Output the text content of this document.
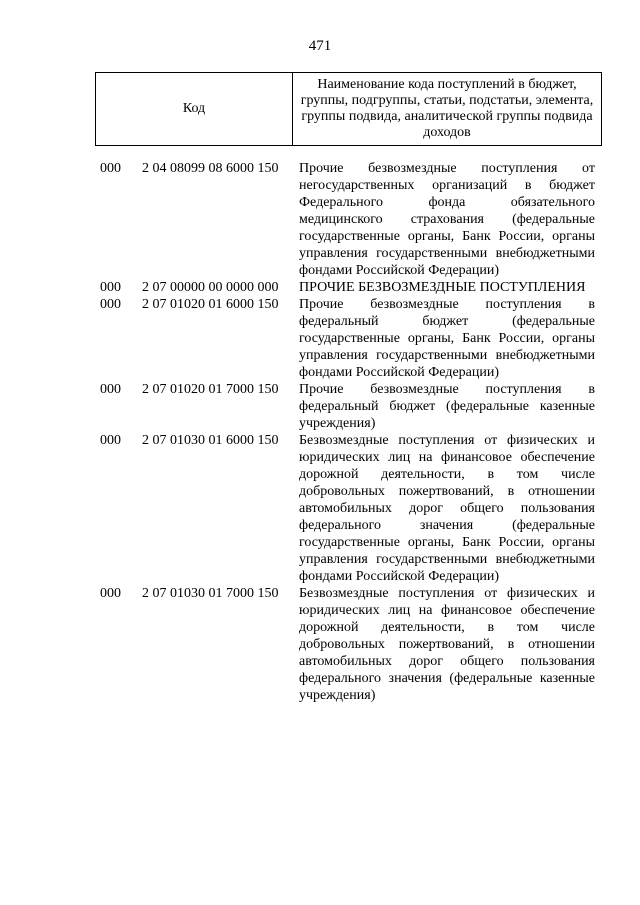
471
Код
Наименование кода поступлений в бюджет, группы, подгруппы, статьи, подстатьи, элемента, группы подвида, аналитической группы подвида доходов
000	2 04 08099 08 6000 150	Прочие безвозмездные поступления от негосударственных организаций в бюджет Федерального фонда обязательного медицинского страхования (федеральные государственные органы, Банк России, органы управления государственными внебюджетными фондами Российской Федерации)
000	2 07 00000 00 0000 000	ПРОЧИЕ БЕЗВОЗМЕЗДНЫЕ ПОСТУПЛЕНИЯ
000	2 07 01020 01 6000 150	Прочие безвозмездные поступления в федеральный бюджет (федеральные государственные органы, Банк России, органы управления государственными внебюджетными фондами Российской Федерации)
000	2 07 01020 01 7000 150	Прочие безвозмездные поступления в федеральный бюджет (федеральные казенные учреждения)
000	2 07 01030 01 6000 150	Безвозмездные поступления от физических и юридических лиц на финансовое обеспечение дорожной деятельности, в том числе добровольных пожертвований, в отношении автомобильных дорог общего пользования федерального значения (федеральные государственные органы, Банк России, органы управления государственными внебюджетными фондами Российской Федерации)
000	2 07 01030 01 7000 150	Безвозмездные поступления от физических и юридических лиц на финансовое обеспечение дорожной деятельности, в том числе добровольных пожертвований, в отношении автомобильных дорог общего пользования федерального значения (федеральные казенные учреждения)
